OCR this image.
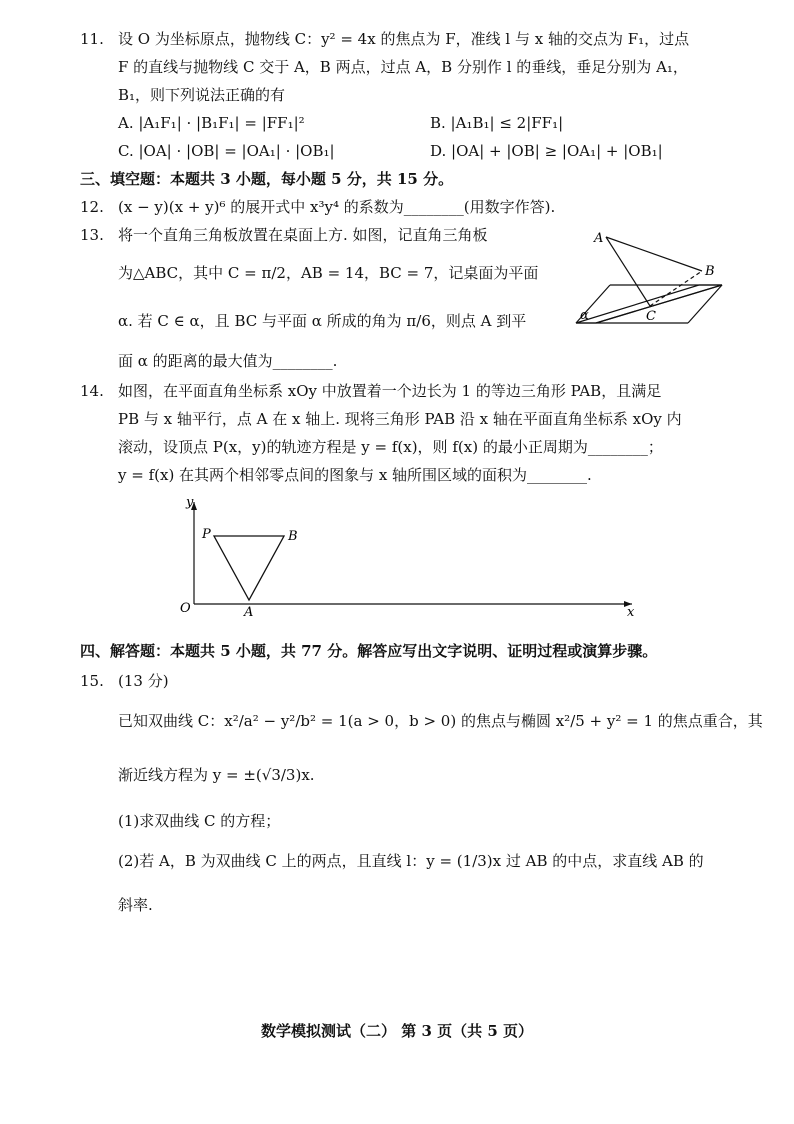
11. 设 O 为坐标原点，抛物线 C：y² = 4x 的焦点为 F，准线 l 与 x 轴的交点为 F₁，过点
F 的直线与抛物线 C 交于 A，B 两点，过点 A，B 分别作 l 的垂线，垂足分别为 A₁，
B₁，则下列说法正确的有
A. |A₁F₁| · |B₁F₁| = |FF₁|²	B. |A₁B₁| ≤ 2|FF₁|
C. |OA| · |OB| = |OA₁| · |OB₁|	D. |OA| + |OB| ≥ |OA₁| + |OB₁|
三、填空题：本题共 3 小题，每小题 5 分，共 15 分。
12. (x − y)(x + y)⁶ 的展开式中 x³y⁴ 的系数为________(用数字作答).
13. 将一个直角三角板放置在桌面上方. 如图，记直角三角板
为△ABC，其中 C = π/2，AB = 14，BC = 7，记桌面为平面
α. 若 C ∈ α，且 BC 与平面 α 所成的角为 π/6，则点 A 到平
面 α 的距离的最大值为________.
A
B
C
α
14. 如图，在平面直角坐标系 xOy 中放置着一个边长为 1 的等边三角形 PAB，且满足
PB 与 x 轴平行，点 A 在 x 轴上. 现将三角形 PAB 沿 x 轴在平面直角坐标系 xOy 内
滚动，设顶点 P(x，y)的轨迹方程是 y = f(x)，则 f(x) 的最小正周期为________；
y = f(x) 在其两个相邻零点间的图象与 x 轴所围区域的面积为________.
y
x
O
P	B
A
四、解答题：本题共 5 小题，共 77 分。解答应写出文字说明、证明过程或演算步骤。
15. (13 分)
已知双曲线 C：x²/a² − y²/b² = 1(a > 0，b > 0) 的焦点与椭圆 x²/5 + y² = 1 的焦点重合，其
渐近线方程为 y = ±(√3/3)x.
(1)求双曲线 C 的方程；
(2)若 A，B 为双曲线 C 上的两点，且直线 l：y = (1/3)x 过 AB 的中点，求直线 AB 的
斜率.
数学模拟测试（二） 第 3 页（共 5 页）
